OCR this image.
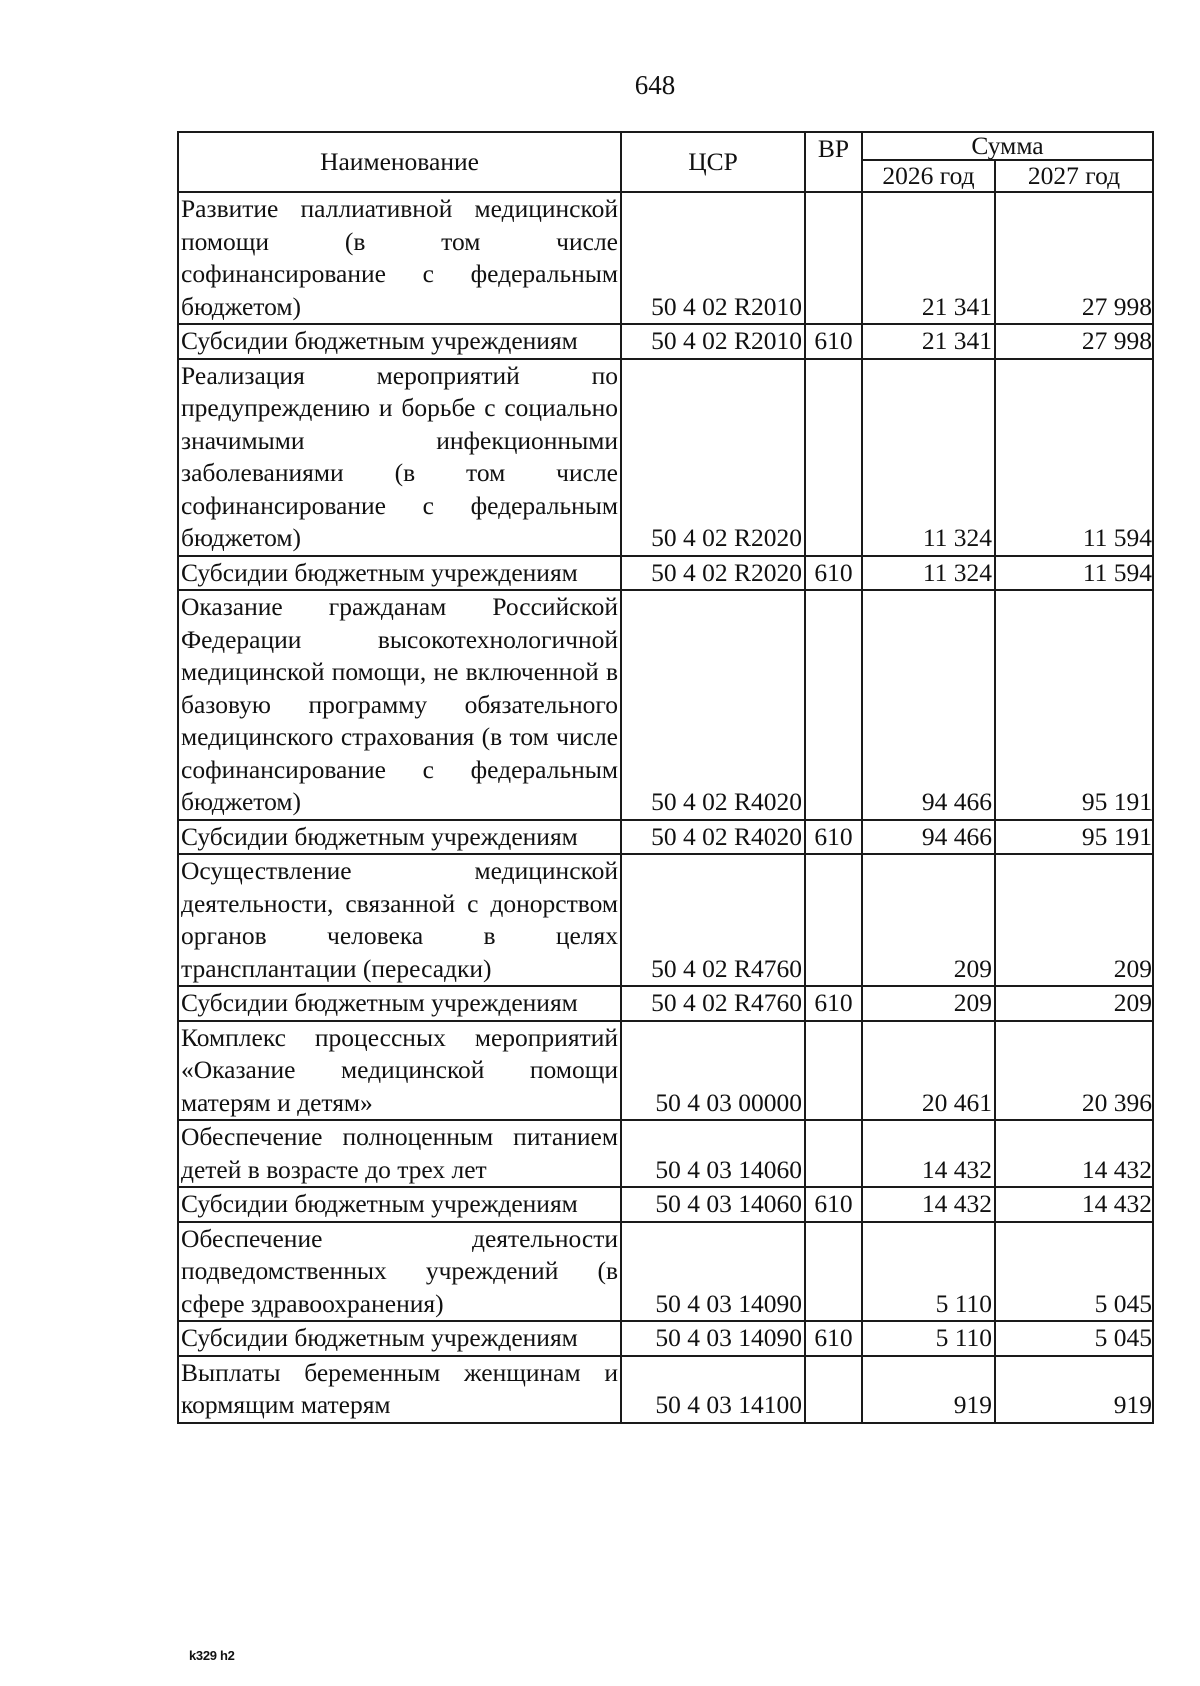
648
Наименование	ЦСР	ВР	Сумма	
			2026 год	2027 год
Развитие паллиативной медицинской помощи (в том числе софинансирование с федеральным бюджетом)	50 4 02 R2010		21 341	27 998
Субсидии бюджетным учреждениям	50 4 02 R2010	610	21 341	27 998
Реализация мероприятий по предупреждению и борьбе с социально значимыми инфекционными заболеваниями (в том числе софинансирование с федеральным бюджетом)	50 4 02 R2020		11 324	11 594
Субсидии бюджетным учреждениям	50 4 02 R2020	610	11 324	11 594
Оказание гражданам Российской Федерации высокотехнологичной медицинской помощи, не включенной в базовую программу обязательного медицинского страхования (в том числе софинансирование с федеральным бюджетом)	50 4 02 R4020		94 466	95 191
Субсидии бюджетным учреждениям	50 4 02 R4020	610	94 466	95 191
Осуществление медицинской деятельности, связанной с донорством органов человека в целях трансплантации (пересадки)	50 4 02 R4760		209	209
Субсидии бюджетным учреждениям	50 4 02 R4760	610	209	209
Комплекс процессных мероприятий «Оказание медицинской помощи матерям и детям»	50 4 03 00000		20 461	20 396
Обеспечение полноценным питанием детей в возрасте до трех лет	50 4 03 14060		14 432	14 432
Субсидии бюджетным учреждениям	50 4 03 14060	610	14 432	14 432
Обеспечение деятельности подведомственных учреждений (в сфере здравоохранения)	50 4 03 14090		5 110	5 045
Субсидии бюджетным учреждениям	50 4 03 14090	610	5 110	5 045
Выплаты беременным женщинам и кормящим матерям	50 4 03 14100		919	919
k329 h2
